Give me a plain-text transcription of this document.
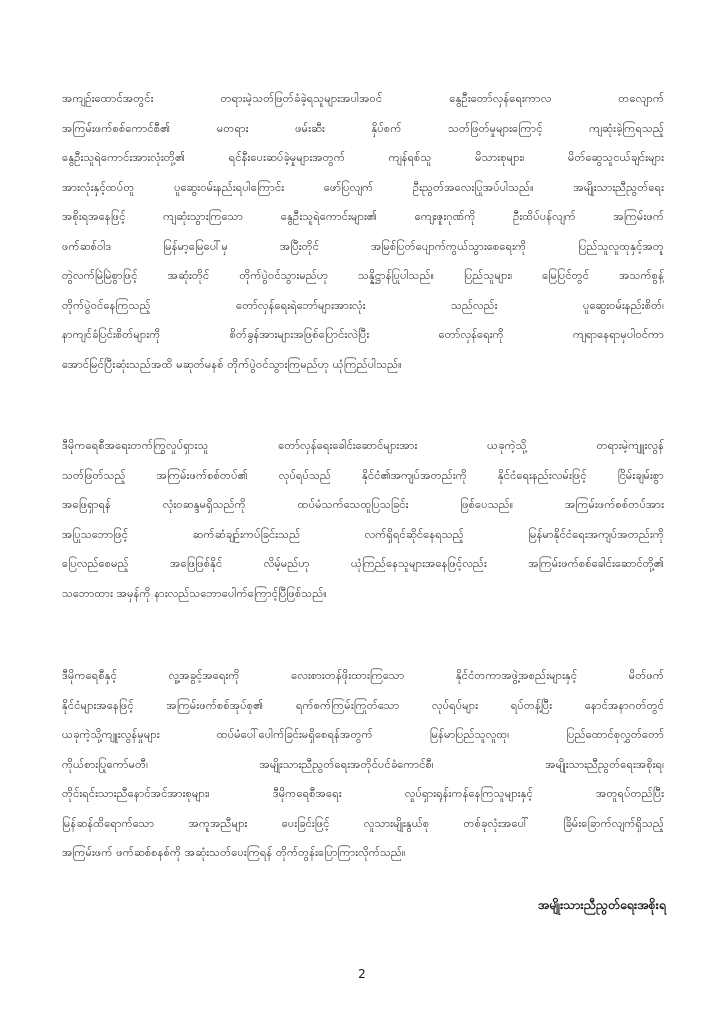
အကျဉ်းထောင်အတွင်း တရားမဲ့သတ်ဖြတ်ခံခဲ့ရသူများအပါအဝင် နွေဦးတော်လှန်ရေးကာလ တလျောက်
အကြမ်းဖက်စစ်ကောင်စီ၏ မတရား ဖမ်းဆီး နှိပ်စက် သတ်ဖြတ်မှုများကြောင့် ကျဆုံးခဲ့ကြရသည့်
နွေဦးသူရဲကောင်းအားလုံးတို့၏ ရင်နီးပေးဆပ်ခဲ့မှုများအတွက် ကျန်ရစ်သူ မိသားစုများ၊ မိတ်ဆွေသူငယ်ချင်းများ
အားလုံးနှင့်ထပ်တူ ပူဆွေးဝမ်းနည်းရပါကြောင်း ဖော်ပြလျက် ဦးညွတ်အလေးပြုအပ်ပါသည်။ အမျိုးသားညီညွတ်ရေး
အစိုးရအနေဖြင့် ကျဆုံးသွားကြသော နွေဦးသူရဲကောင်းများ၏ ကျေးဇူးဂုဏ်ကို ဦးထိပ်ပန်လျက် အကြမ်းဖက်
ဖက်ဆစ်ဝါဒ မြန်မာ့မြေပေါ်မှ အပြီးတိုင် အမြစ်ပြတ်ပျောက်ကွယ်သွားစေရေးကို ပြည်သူလူထုနှင့်အတူ
တွဲလက်မြဲမြဲစွာဖြင့် အဆုံးတိုင် တိုက်ပွဲဝင်သွားမည်ဟု သန္နိဋ္ဌာန်ပြုပါသည်။ ပြည်သူများ၊ မြေပြင်တွင် အသက်စွန့်
တိုက်ပွဲဝင်နေကြသည့် တော်လှန်ရေးရဲဘော်များအားလုံး သည်လည်း ပူဆွေးဝမ်းနည်းစိတ်၊
နာကျင်ခံပြင်းစိတ်များကို စိတ်ခွန်အားများအဖြစ်ပြောင်းလဲပြီး တော်လှန်ရေးကို ကျရာနေရာမှပါဝင်ကာ
အောင်မြင်ပြီးဆုံးသည်အထိ မဆုတ်မနစ် တိုက်ပွဲဝင်သွားကြမည်ဟု ယုံကြည်ပါသည်။
ဒီမိုကရေစီအရေးတက်ကြွလှုပ်ရှားသူ တော်လှန်ရေးခေါင်းဆောင်များအား ယခုကဲ့သို့ တရားမဲ့ကျူးလွန်
သတ်ဖြတ်သည့် အကြမ်းဖက်စစ်တပ်၏ လုပ်ရပ်သည် နိုင်ငံ၏အကျပ်အတည်းကို နိုင်ငံရေးနည်းလမ်းဖြင့် ငြိမ်းချမ်းစွာ
အဖြေရှာရန် လုံးဝဆန္ဒမရှိသည်ကို ထပ်မံသက်သေထူပြသခြင်း ဖြစ်ပေသည်။ အကြမ်းဖက်စစ်တပ်အား
အပြုသဘောဖြင့် ဆက်ဆံချဉ်းကပ်ခြင်းသည် လက်ရှိရင်ဆိုင်နေရသည့် မြန်မာနိုင်ငံရေးအကျပ်အတည်းကို
ပြေလည်စေမည့် အဖြေဖြစ်နိုင် လိမ့်မည်ဟု ယုံကြည်နေသူများအနေဖြင့်လည်း အကြမ်းဖက်စစ်ခေါင်းဆောင်တို့၏
သဘောထား အမှန်ကို နားလည်သဘောပေါက်ကြောင့်ပြီဖြစ်သည်။
ဒီမိုကရေစီနှင့် လူ့အခွင့်အရေးကို လေးစားတန်ဖိုးထားကြသော နိုင်ငံတကာအဖွဲ့အစည်းများနှင့် မိတ်ဖက်
နိုင်ငံများအနေဖြင့် အကြမ်းဖက်စစ်အုပ်စု၏ ရက်စက်ကြမ်းကြုတ်သော လုပ်ရပ်များ ရပ်တန့်ပြီး နောင်အနာဂတ်တွင်
ယခုကဲ့သို့ကျူးလွန်မှုများ ထပ်မံပေါ်ပေါက်ခြင်းမရှိစေရန်အတွက် မြန်မာပြည်သူလူထု၊ ပြည်ထောင်စုလွှတ်တော်
ကိုယ်စားပြုကော်မတီ၊ အမျိုးသားညီညွတ်ရေးအတိုင်ပင်ခံကောင်စီ၊ အမျိုးသားညီညွတ်ရေးအစိုးရ၊
တိုင်းရင်းသားညီနောင်အင်အားစုများ၊ ဒီမိုကရေစီအရေး လှုပ်ရှားရုန်းကန်နေကြသူများနှင့် အတူရပ်တည်ပြီး
မြန်ဆန်ထိရောက်သော အကူအညီများ ပေးခြင်းဖြင့် လူသားမျိုးနွယ်စု တစ်ခုလုံးအပေါ် ခြိမ်းခြောက်လျက်ရှိသည့်
အကြမ်းဖက် ဖက်ဆစ်စနစ်ကို အဆုံးသတ်ပေးကြရန် တိုက်တွန်းပြောကြားလိုက်သည်။
အမျိုးသားညီညွတ်ရေးအစိုးရ
2
